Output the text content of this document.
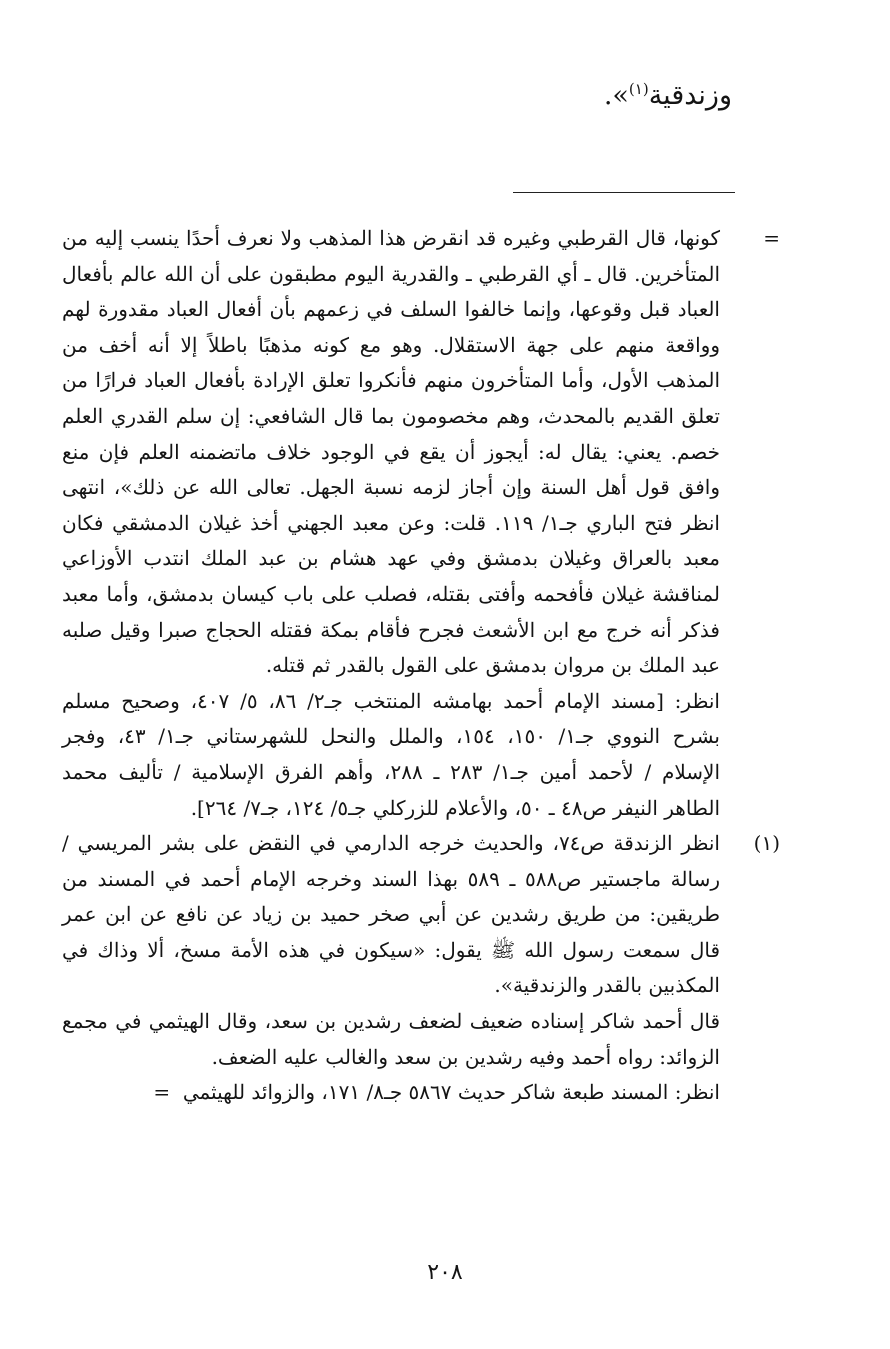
وزندقية$^{(١)}$».
=

كونها، قال القرطبي وغيره قد انقرض هذا المذهب ولا نعرف أحدًا ينسب إليه من المتأخرين. قال ـ أي القرطبي ـ والقدرية اليوم مطبقون على أن الله عالم بأفعال العباد قبل وقوعها، وإنما خالفوا السلف في زعمهم بأن أفعال العباد مقدورة لهم وواقعة منهم على جهة الاستقلال. وهو مع كونه مذهبًا باطلاً إلا أنه أخف من المذهب الأول، وأما المتأخرون منهم فأنكروا تعلق الإرادة بأفعال العباد فرارًا من تعلق القديم بالمحدث، وهم مخصومون بما قال الشافعي: إن سلم القدري العلم خصم. يعني: يقال له: أيجوز أن يقع في الوجود خلاف ماتضمنه العلم فإن منع وافق قول أهل السنة وإن أجاز لزمه نسبة الجهل. تعالى الله عن ذلك»، انتهى انظر فتح الباري جـ١/ ١١٩. قلت: وعن معبد الجهني أخذ غيلان الدمشقي فكان معبد بالعراق وغيلان بدمشق وفي عهد هشام بن عبد الملك انتدب الأوزاعي لمناقشة غيلان فأفحمه وأفتى بقتله، فصلب على باب كيسان بدمشق، وأما معبد فذكر أنه خرج مع ابن الأشعث فجرح فأقام بمكة فقتله الحجاج صبرا وقيل صلبه عبد الملك بن مروان بدمشق على القول بالقدر ثم قتله.

انظر: [مسند الإمام أحمد بهامشه المنتخب جـ٢/ ٨٦، ٥/ ٤٠٧، وصحيح مسلم بشرح النووي جـ١/ ١٥٠، ١٥٤، والملل والنحل للشهرستاني جـ١/ ٤٣، وفجر الإسلام / لأحمد أمين جـ١/ ٢٨٣ ـ ٢٨٨، وأهم الفرق الإسلامية / تأليف محمد الطاهر النيفر ص٤٨ ـ ٥٠، والأعلام للزركلي جـ٥/ ١٢٤، جـ٧/ ٢٦٤].

(١)

انظر الزندقة ص٧٤، والحديث خرجه الدارمي في النقض على بشر المريسي / رسالة ماجستير ص٥٨٨ ـ ٥٨٩ بهذا السند وخرجه الإمام أحمد في المسند من طريقين: من طريق رشدين عن أبي صخر حميد بن زياد عن نافع عن ابن عمر قال سمعت رسول الله ﷺ يقول: «سيكون في هذه الأمة مسخ، ألا وذاك في المكذبين بالقدر والزندقية».

قال أحمد شاكر إسناده ضعيف لضعف رشدين بن سعد، وقال الهيثمي في مجمع الزوائد: رواه أحمد وفيه رشدين بن سعد والغالب عليه الضعف.

انظر: المسند طبعة شاكر حديث ٥٨٦٧ جـ٨/ ١٧١، والزوائد للهيثمي  =

٢٠٨
